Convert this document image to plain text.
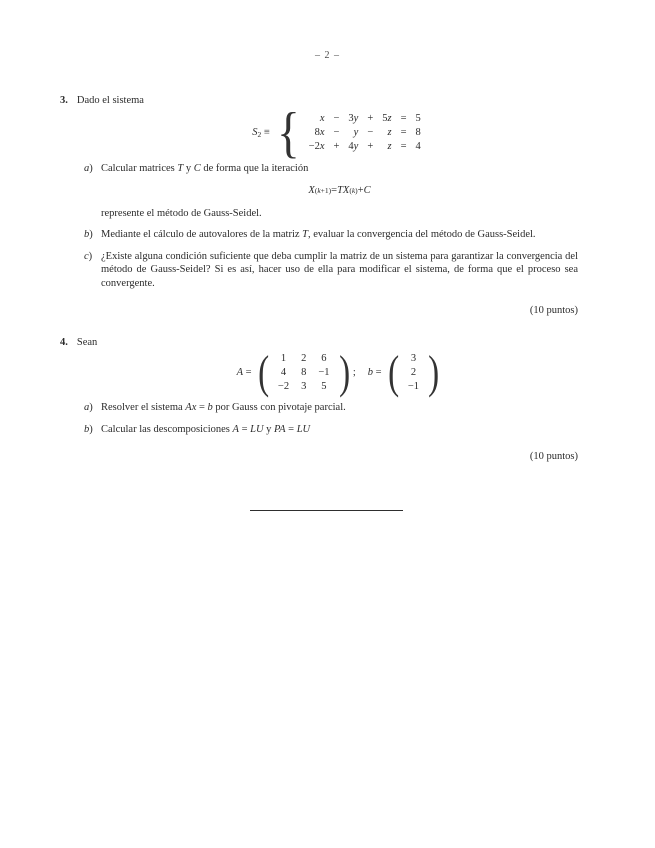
– 2 –
3. Dado el sistema
$S_2$ ≡ { x	−	3y	+	5z	=	5
8x	−	y	−	z	=	8
−2x	+	4y	+	z	=	4
a) Calcular matrices T y C de forma que la iteración
X ( k +1) = TX ( k ) + C
represente el método de Gauss-Seidel.
b) Mediante el cálculo de autovalores de la matriz T, evaluar la convergencia del método de Gauss-Seidel.
c) ¿Existe alguna condición suficiente que deba cumplir la matriz de un sistema para garantizar la convergencia del método de Gauss-Seidel? Si es así, hacer uso de ella para modificar el sistema, de forma que el proceso sea convergente.
(10 puntos)
4. Sean
A = ( 1	2	6
4	8	−1
−2	3	5 ) ; b = ( 3
2
−1 )
a) Resolver el sistema Ax = b por Gauss con pivotaje parcial.
b) Calcular las descomposiciones A = LU y PA = LU
(10 puntos)
